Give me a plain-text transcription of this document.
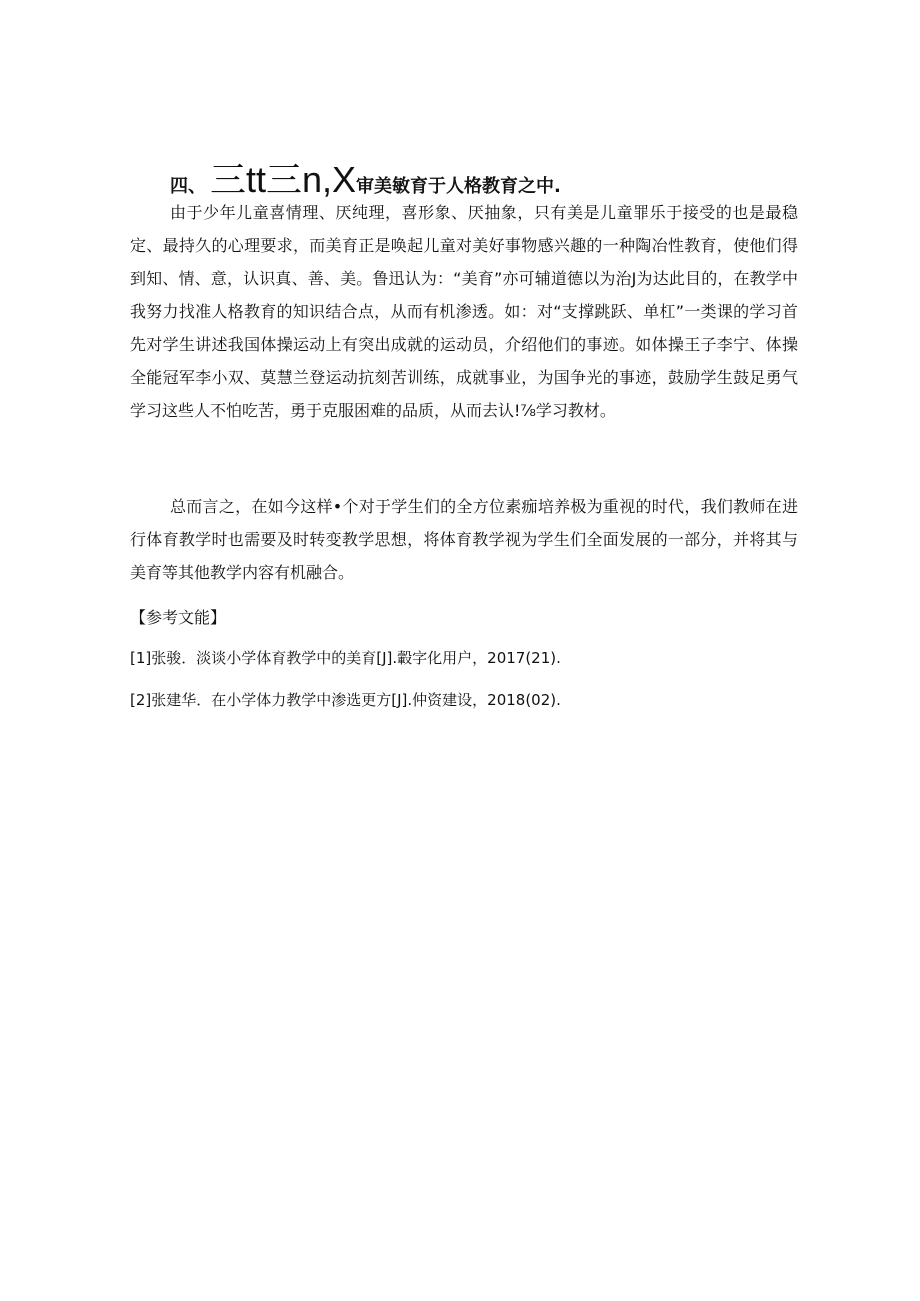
四、 三tt三n,X 审美敏育于人格教育之中.

由于少年儿童喜情理、厌纯理，喜形象、厌抽象，只有美是儿童罪乐于接受的也是最稳定、最持久的心理要求，而美育正是唤起儿童对美好事物感兴趣的一种陶冶性教育，使他们得到知、情、意，认识真、善、美。鲁迅认为：“美育”亦可辅道德以为治J为达此目的，在教学中我努力找准人格教育的知识结合点，从而有机渗透。如：对“支撑跳跃、单杠”一类课的学习首先对学生讲述我国体操运动上有突出成就的运动员，介绍他们的事迹。如体操王子李宁、体操全能冠军李小双、莫慧兰登运动抗刻苦训练，成就事业，为国争光的事迹，鼓励学生鼓足勇气学习这些人不怕吃苦，勇于克服困难的品质，从而去认!⅞学习教材。

总而言之，在如今这样•个对于学生们的全方位素痂培养极为重视的时代，我们教师在进行体育教学时也需要及时转变教学思想，将体育教学视为学生们全面发展的一部分，并将其与美育等其他教学内容有机融合。

【参考文能】

[1]张骏．淡谈小学体育教学中的美育[J].轂字化用户，2017(21).

[2]张建华．在小学体力教学中渗选更方[J].仲资建设，2018(02).
